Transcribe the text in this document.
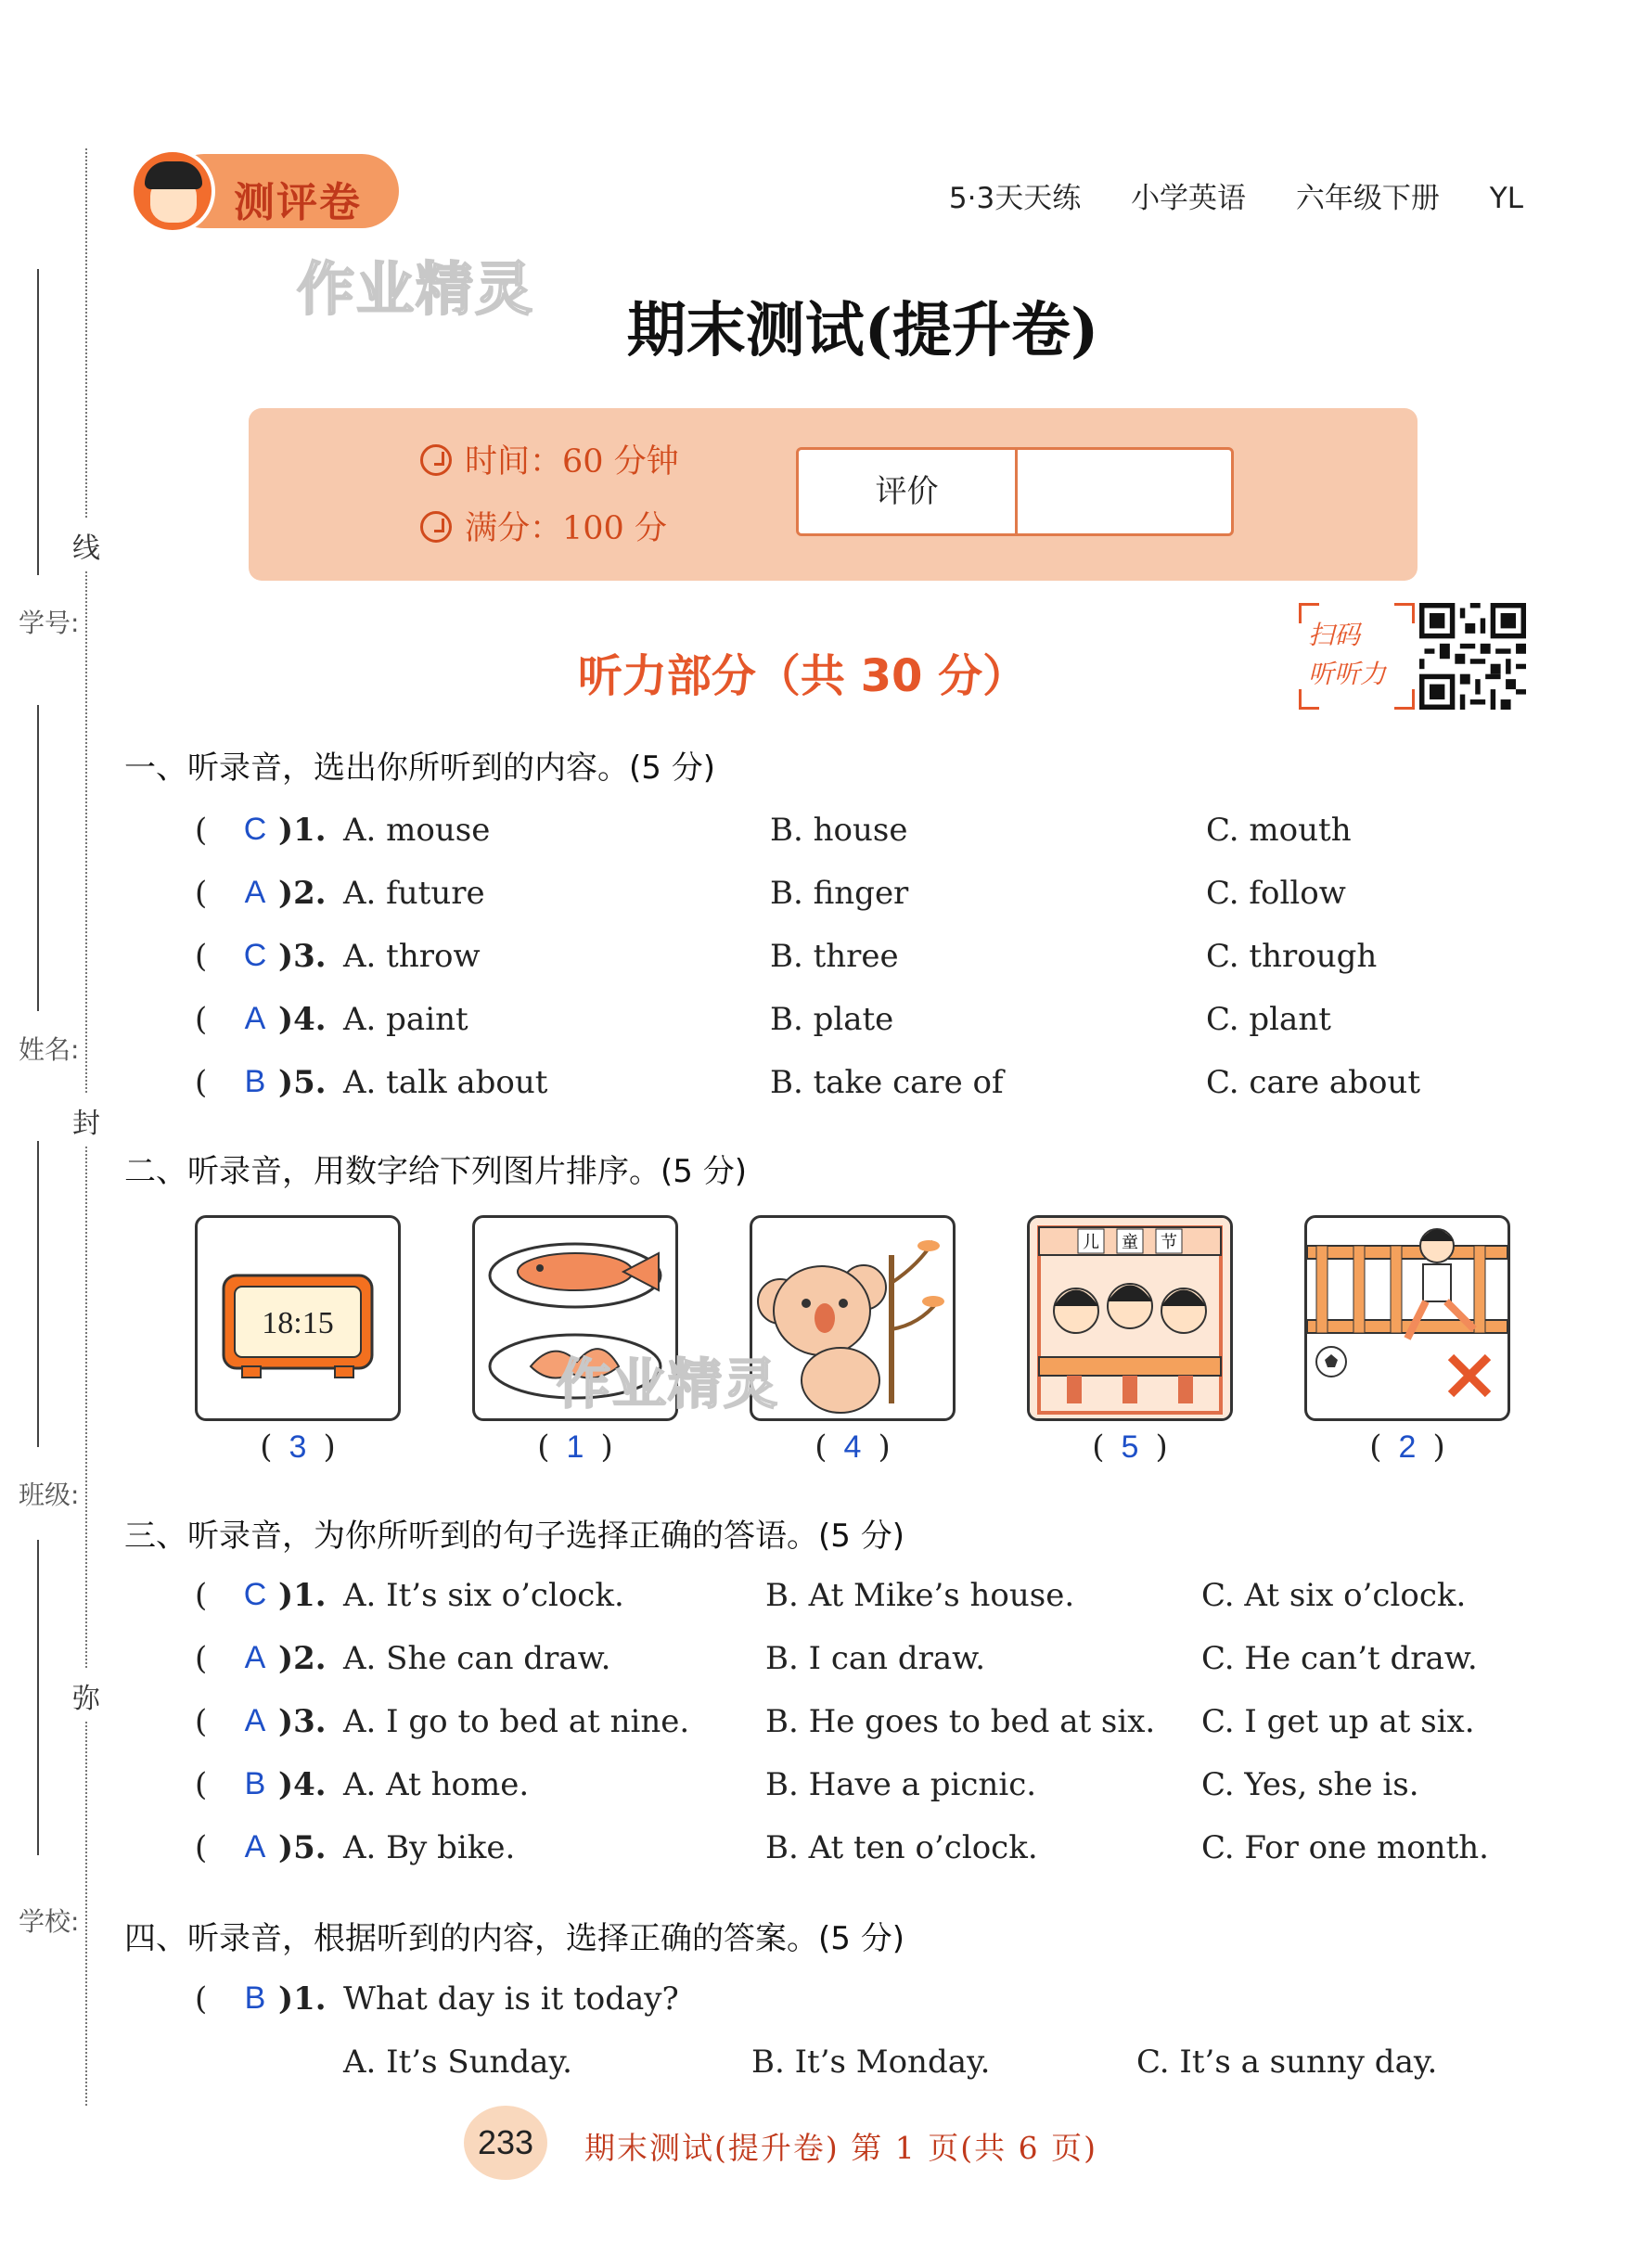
线
封
弥
学号:
姓名:
班级:
学校:
测评卷	5·3天天练 小学英语 六年级下册 YL
作业精灵
期末测试(提升卷)
时间：60 分钟
满分：100 分
评价
听力部分（共 30 分）
扫码
听听力
一、听录音，选出你所听到的内容。(5 分)
(	C )1. A. mouse	B. house	C. mouth
(	A )2. A. future	B. finger	C. follow
(	C )3. A. throw	B. three	C. through
(	A )4. A. paint	B. plate	C. plant
(	B )5. A. talk about	B. take care of	C. care about
二、听录音，用数字给下列图片排序。(5 分)
18:15
儿 童 节
( 3 )	( 1 )	( 4 )	( 5 )	( 2 )
作业精灵
三、听录音，为你所听到的句子选择正确的答语。(5 分)
(	C )1. A. It’s six o’clock.	B. At Mike’s house.	C. At six o’clock.
(	A )2. A. She can draw.	B. I can draw.	C. He can’t draw.
(	A )3. A. I go to bed at nine. B. He goes to bed at six. C. I get up at six.
(	B )4. A. At home.	B. Have a picnic.	C. Yes, she is.
(	A )5. A. By bike.	B. At ten o’clock.	C. For one month.
四、听录音，根据听到的内容，选择正确的答案。(5 分)
(	B )1. What day is it today?
A. It’s Sunday.	B. It’s Monday.	C. It’s a sunny day.
233	期末测试(提升卷) 第 1 页(共 6 页)
